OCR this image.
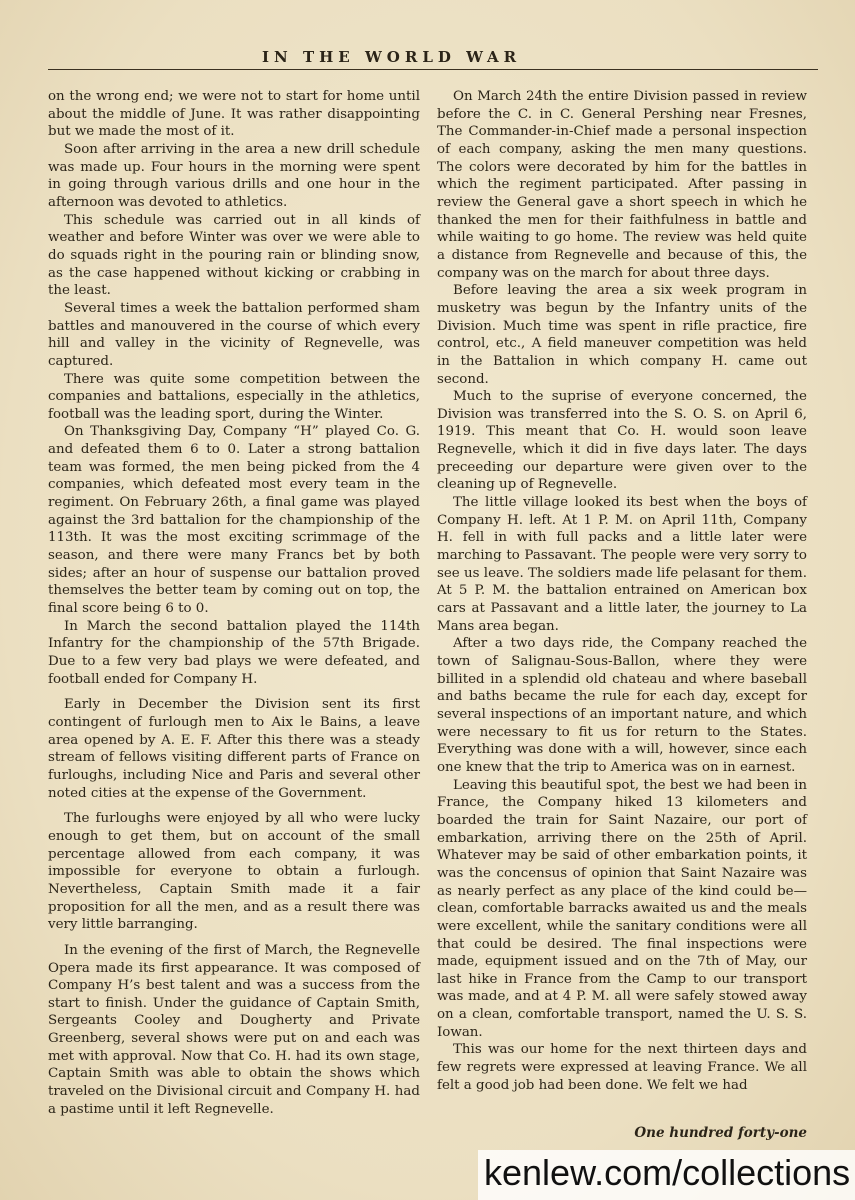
IN THE WORLD WAR

on the wrong end; we were not to start for home until about the middle of June. It was rather disappointing but we made the most of it.

Soon after arriving in the area a new drill schedule was made up. Four hours in the morning were spent in going through various drills and one hour in the afternoon was devoted to athletics.

This schedule was carried out in all kinds of weather and before Winter was over we were able to do squads right in the pouring rain or blinding snow, as the case happened without kicking or crabbing in the least.

Several times a week the battalion performed sham battles and manouvered in the course of which every hill and valley in the vicinity of Regnevelle, was captured.

There was quite some competition between the companies and battalions, especially in the athletics, football was the leading sport, during the Winter.

On Thanksgiving Day, Company “H” played Co. G. and defeated them 6 to 0. Later a strong battalion team was formed, the men being picked from the 4 companies, which defeated most every team in the regiment. On February 26th, a final game was played against the 3rd battalion for the championship of the 113th. It was the most exciting scrimmage of the season, and there were many Francs bet by both sides; after an hour of suspense our battalion proved themselves the better team by coming out on top, the final score being 6 to 0.

In March the second battalion played the 114th Infantry for the championship of the 57th Brigade. Due to a few very bad plays we were defeated, and football ended for Company H.

Early in December the Division sent its first contingent of furlough men to Aix le Bains, a leave area opened by A. E. F. After this there was a steady stream of fellows visiting different parts of France on furloughs, including Nice and Paris and several other noted cities at the expense of the Government.

The furloughs were enjoyed by all who were lucky enough to get them, but on account of the small percentage allowed from each company, it was impossible for everyone to obtain a furlough. Nevertheless, Captain Smith made it a fair proposition for all the men, and as a result there was very little barranging.

In the evening of the first of March, the Regnevelle Opera made its first appearance. It was composed of Company H’s best talent and was a success from the start to finish. Under the guidance of Captain Smith, Sergeants Cooley and Dougherty and Private Greenberg, several shows were put on and each was met with approval. Now that Co. H. had its own stage, Captain Smith was able to obtain the shows which traveled on the Divisional circuit and Company H. had a pastime until it left Regnevelle.

On March 24th the entire Division passed in review before the C. in C. General Pershing near Fresnes, The Commander-in-Chief made a personal inspection of each company, asking the men many questions. The colors were decorated by him for the battles in which the regiment participated. After passing in review the General gave a short speech in which he thanked the men for their faithfulness in battle and while waiting to go home. The review was held quite a distance from Regnevelle and because of this, the company was on the march for about three days.

Before leaving the area a six week program in musketry was begun by the Infantry units of the Division. Much time was spent in rifle practice, fire control, etc., A field maneuver competition was held in the Battalion in which company H. came out second.

Much to the suprise of everyone concerned, the Division was transferred into the S. O. S. on April 6, 1919. This meant that Co. H. would soon leave Regnevelle, which it did in five days later. The days preceeding our departure were given over to the cleaning up of Regnevelle.

The little village looked its best when the boys of Company H. left. At 1 P. M. on April 11th, Company H. fell in with full packs and a little later were marching to Passavant. The people were very sorry to see us leave. The soldiers made life pelasant for them. At 5 P. M. the battalion entrained on American box cars at Passavant and a little later, the journey to La Mans area began.

After a two days ride, the Company reached the town of Salignau-Sous-Ballon, where they were billited in a splendid old chateau and where baseball and baths became the rule for each day, except for several inspections of an important nature, and which were necessary to fit us for return to the States. Everything was done with a will, however, since each one knew that the trip to America was on in earnest.

Leaving this beautiful spot, the best we had been in France, the Company hiked 13 kilometers and boarded the train for Saint Nazaire, our port of embarkation, arriving there on the 25th of April. Whatever may be said of other embarkation points, it was the concensus of opinion that Saint Nazaire was as nearly perfect as any place of the kind could be—clean, comfortable barracks awaited us and the meals were excellent, while the sanitary conditions were all that could be desired. The final inspections were made, equipment issued and on the 7th of May, our last hike in France from the Camp to our transport was made, and at 4 P. M. all were safely stowed away on a clean, comfortable transport, named the U. S. S. Iowan.

This was our home for the next thirteen days and few regrets were expressed at leaving France. We all felt a good job had been done. We felt we had

One hundred forty-one
kenlew.com/collections
